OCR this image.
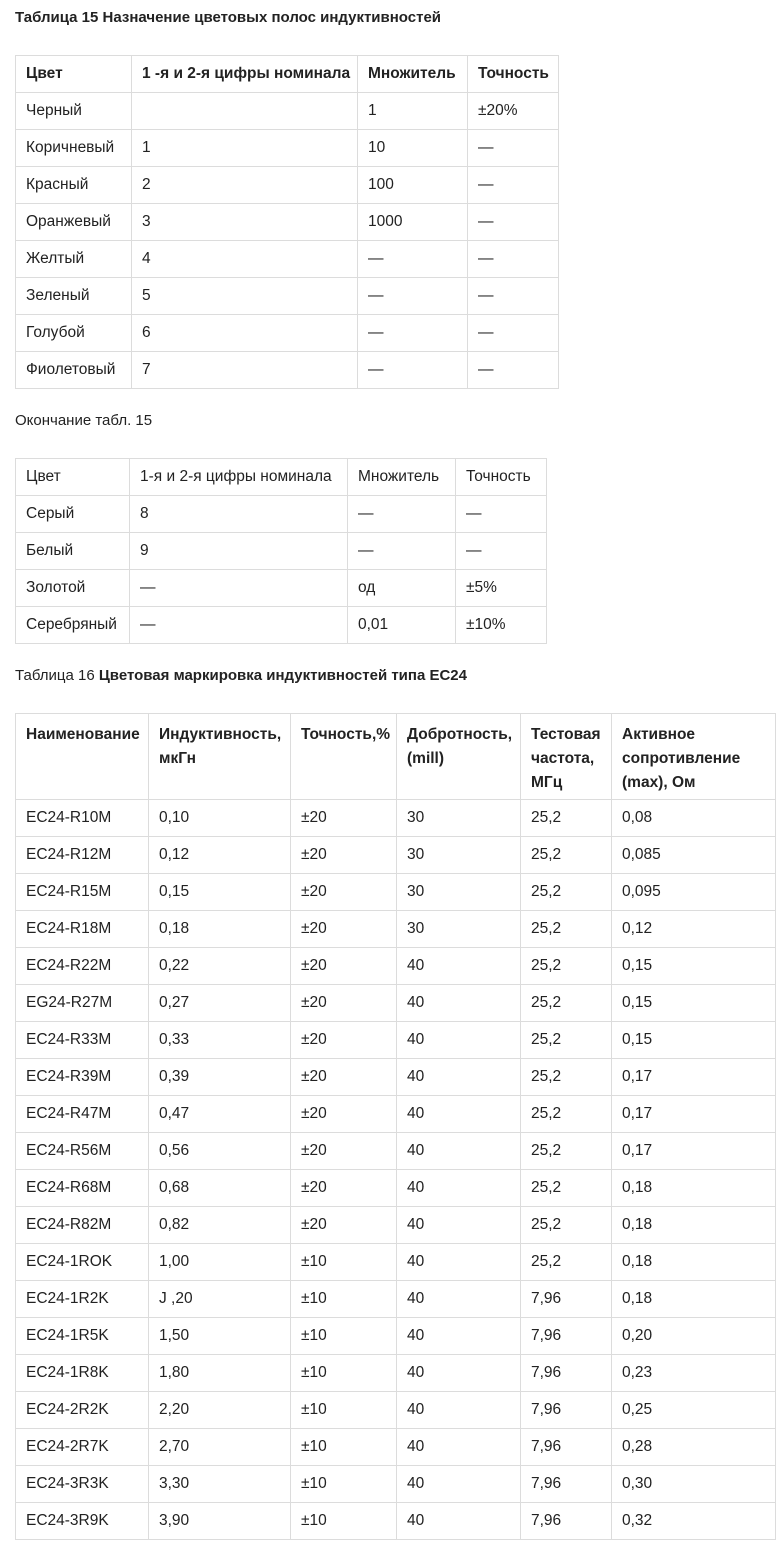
Таблица 15 Назначение цветовых полос индуктивностей
Цвет	1 -я и 2-я цифры номинала	Множитель	Точность
Черный		1	±20%
Коричневый	1	10	—
Красный	2	100	—
Оранжевый	3	1000	—
Желтый	4	—	—
Зеленый	5	—	—
Голубой	6	—	—
Фиолетовый	7	—	—
Окончание табл. 15
Цвет	1-я и 2-я цифры номинала	Множитель	Точность
Серый	8	—	—
Белый	9	—	—
Золотой	—	од	±5%
Серебряный	—	0,01	±10%
Таблица 16 Цветовая маркировка индуктивностей типа ЕС24
Наименование	Индуктивность, мкГн	Точность,%	Добротность, (mill)	Тестовая частота, МГц	Активное сопротивление (max), Ом
ЕС24-R10M	0,10	±20	30	25,2	0,08
ЕС24-R12M	0,12	±20	30	25,2	0,085
ЕС24-R15M	0,15	±20	30	25,2	0,095
ЕС24-R18M	0,18	±20	30	25,2	0,12
ЕС24-R22M	0,22	±20	40	25,2	0,15
EG24-R27M	0,27	±20	40	25,2	0,15
ЕС24-R33M	0,33	±20	40	25,2	0,15
ЕС24-R39M	0,39	±20	40	25,2	0,17
ЕС24-R47M	0,47	±20	40	25,2	0,17
ЕС24-R56M	0,56	±20	40	25,2	0,17
ЕС24-R68M	0,68	±20	40	25,2	0,18
ЕС24-R82M	0,82	±20	40	25,2	0,18
ЕС24-1ROK	1,00	±10	40	25,2	0,18
ЕС24-1R2K	J ,20	±10	40	7,96	0,18
ЕС24-1R5K	1,50	±10	40	7,96	0,20
ЕС24-1R8K	1,80	±10	40	7,96	0,23
ЕС24-2R2K	2,20	±10	40	7,96	0,25
ЕС24-2R7K	2,70	±10	40	7,96	0,28
ЕС24-3R3K	3,30	±10	40	7,96	0,30
ЕС24-3R9K	3,90	±10	40	7,96	0,32
